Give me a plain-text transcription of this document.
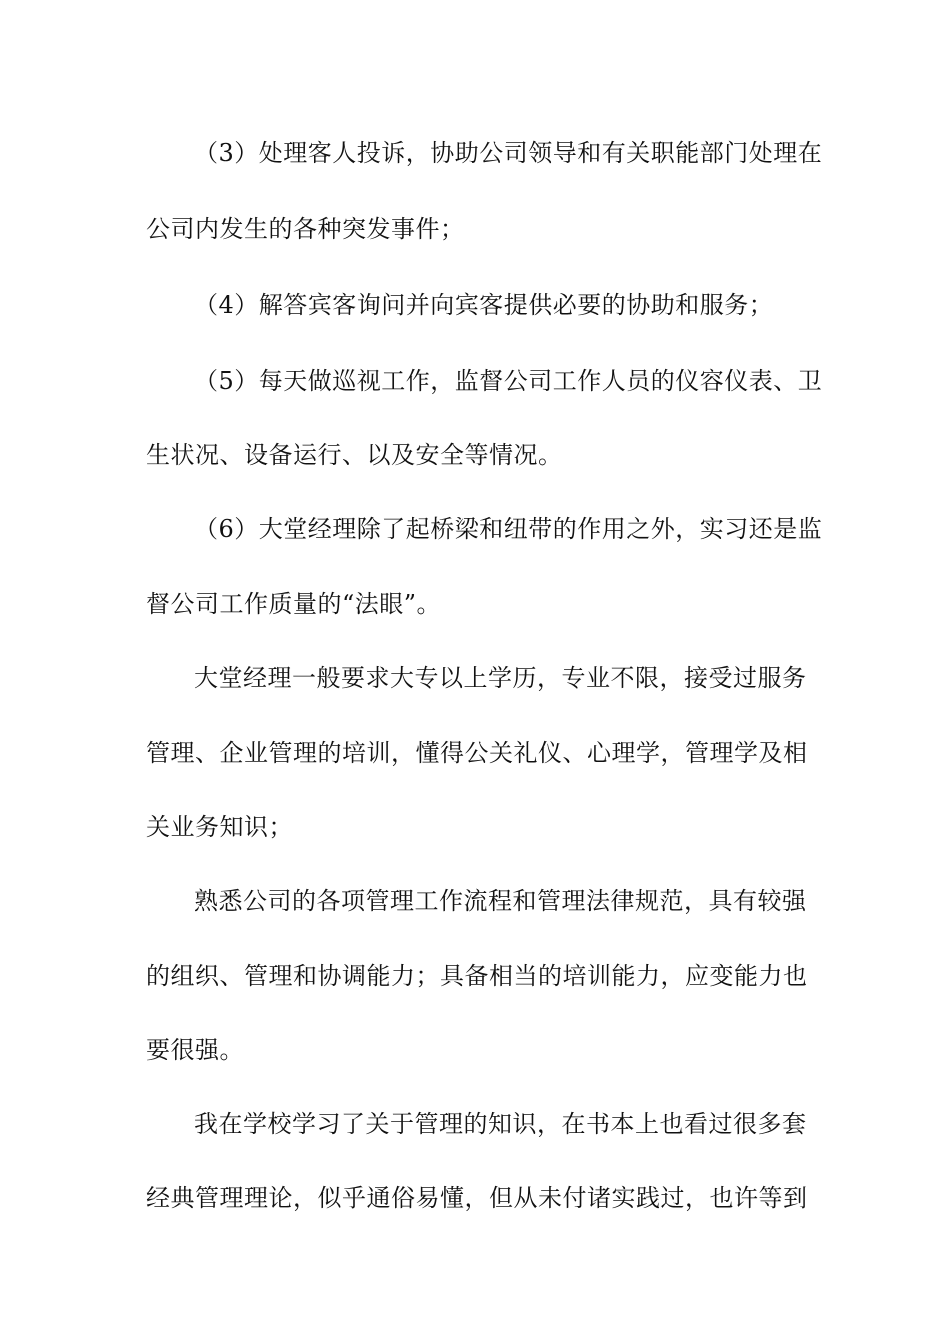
（3）处理客人投诉，协助公司领导和有关职能部门处理在
公司内发生的各种突发事件；
（4）解答宾客询问并向宾客提供必要的协助和服务；
（5）每天做巡视工作，监督公司工作人员的仪容仪表、卫
生状况、设备运行、以及安全等情况。
（6）大堂经理除了起桥梁和纽带的作用之外，实习还是监
督公司工作质量的“法眼”。
大堂经理一般要求大专以上学历，专业不限，接受过服务
管理、企业管理的培训，懂得公关礼仪、心理学，管理学及相
关业务知识；
熟悉公司的各项管理工作流程和管理法律规范，具有较强
的组织、管理和协调能力；具备相当的培训能力，应变能力也
要很强。
我在学校学习了关于管理的知识，在书本上也看过很多套
经典管理理论，似乎通俗易懂，但从未付诸实践过，也许等到
